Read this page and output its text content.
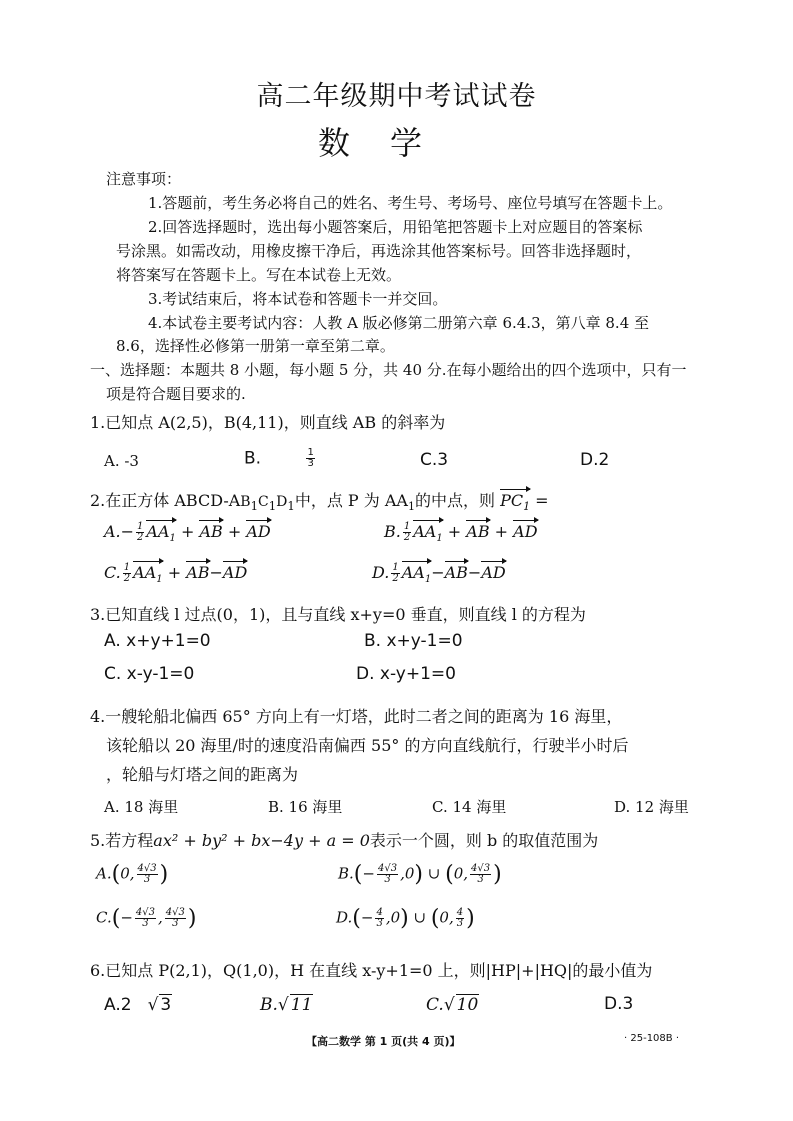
高二年级期中考试试卷
数　学
注意事项：
1.答题前，考生务必将自己的姓名、考生号、考场号、座位号填写在答题卡上。
2.回答选择题时，选出每小题答案后，用铅笔把答题卡上对应题目的答案标
号涂黑。如需改动，用橡皮擦干净后，再选涂其他答案标号。回答非选择题时，
将答案写在答题卡上。写在本试卷上无效。
3.考试结束后，将本试卷和答题卡一并交回。
4.本试卷主要考试内容：人教 A 版必修第二册第六章 6.4.3，第八章 8.4 至
8.6，选择性必修第一册第一章至第二章。
一、选择题：本题共 8 小题，每小题 5 分，共 40 分.在每小题给出的四个选项中，只有一
项是符合题目要求的.
1.已知点 A(2,5)，B(4,11)，则直线 AB 的斜率为
A. -3	B.	$\frac{1}{3}$	C.3	D.2
2.在正方体 ABCD-$AB_1C_1D_1$中，点 P 为 $AA_1$的中点，则 $PC_1$ =
$A.- \frac{1}{2} AA_1$ + AB + AD	B. $\frac{1}{2} AA_1$ + AB + AD
C. $\frac{1}{2} AA_1 + AB-AD$	D. $\frac{1}{2} AA_1-AB-AD$
3.已知直线 l 过点(0，1)，且与直线 x+y=0 垂直，则直线 l 的方程为
A. x+y+1=0	B. x+y-1=0
C. x-y-1=0	D. x-y+1=0
4.一艘轮船北偏西 65° 方向上有一灯塔，此时二者之间的距离为 16 海里，
该轮船以 20 海里/时的速度沿南偏西 55° 的方向直线航行，行驶半小时后
，轮船与灯塔之间的距离为
A. 18 海里	B. 16 海里	C. 14 海里	D. 12 海里
5.若方程ax² + by² + bx−4y + a = 0表示一个圆，则 b 的取值范围为
A.(0, $\frac{4√3}{3}$ )	$B.(- \frac{4√3}{3} ,0)$ ∪ (0, $\frac{4√3}{3}$ )
$C.(- \frac{4√3}{3}$ , $\frac{4√3}{3}$ )	$D.(- \frac{4}{3} ,0)$ ∪ (0, $\frac{4}{3}$ )
6.已知点 P(2,1)，Q(1,0)，H 在直线 x-y+1=0 上，则|HP|+|HQ|的最小值为
A.2 √ 3	B.√ 11	C.√ 10	D.3
【高二数学 第 1 页(共 4 页)】	· 25-108B ·
